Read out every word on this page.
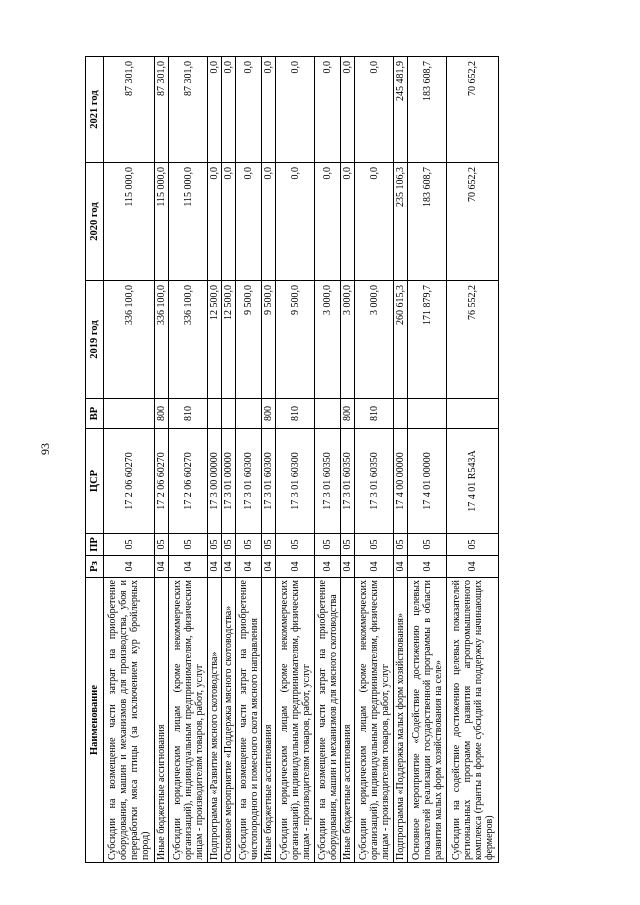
93
Наименование	Рз	ПР	ЦСР	ВР	2019 год	2020 год	2021 год
Субсидии на возмещение части затрат на приобретение оборудования, машин и механизмов для производства, убоя и переработки мяса птицы (за исключением кур бройлерных пород)	04	05	17 2 06 60270		336 100,0	115 000,0	87 301,0
Иные бюджетные ассигнования	04	05	17 2 06 60270	800	336 100,0	115 000,0	87 301,0
Субсидии юридическим лицам (кроме некоммерческих организаций), индивидуальным предпринимателям, физическим лицам - производителям товаров, работ, услуг	04	05	17 2 06 60270	810	336 100,0	115 000,0	87 301,0
Подпрограмма «Развитие мясного скотоводства»	04	05	17 3 00 00000		12 500,0	0,0	0,0
Основное мероприятие «Поддержка мясного скотоводства»	04	05	17 3 01 00000		12 500,0	0,0	0,0
Субсидии на возмещение части затрат на приобретение чистопородного и помесного скота мясного направления	04	05	17 3 01 60300		9 500,0	0,0	0,0
Иные бюджетные ассигнования	04	05	17 3 01 60300	800	9 500,0	0,0	0,0
Субсидии юридическим лицам (кроме некоммерческих организаций), индивидуальным предпринимателям, физическим лицам - производителям товаров, работ, услуг	04	05	17 3 01 60300	810	9 500,0	0,0	0,0
Субсидии на возмещение части затрат на приобретение оборудования, машин и механизмов для мясного скотоводства	04	05	17 3 01 60350		3 000,0	0,0	0,0
Иные бюджетные ассигнования	04	05	17 3 01 60350	800	3 000,0	0,0	0,0
Субсидии юридическим лицам (кроме некоммерческих организаций), индивидуальным предпринимателям, физическим лицам - производителям товаров, работ, услуг	04	05	17 3 01 60350	810	3 000,0	0,0	0,0
Подпрограмма «Поддержка малых форм хозяйствования»	04	05	17 4 00 00000		260 615,3	235 106,3	245 481,9
Основное мероприятие «Содействие достижению целевых показателей реализации государственной программы в области развития малых форм хозяйствования на селе»	04	05	17 4 01 00000		171 879,7	183 608,7	183 608,7
Субсидии на содействие достижению целевых показателей региональных программ развития агропромышленного комплекса (гранты в форме субсидий на поддержку начинающих фермеров)	04	05	17 4 01 R543А		76 552,2	70 652,2	70 652,2
